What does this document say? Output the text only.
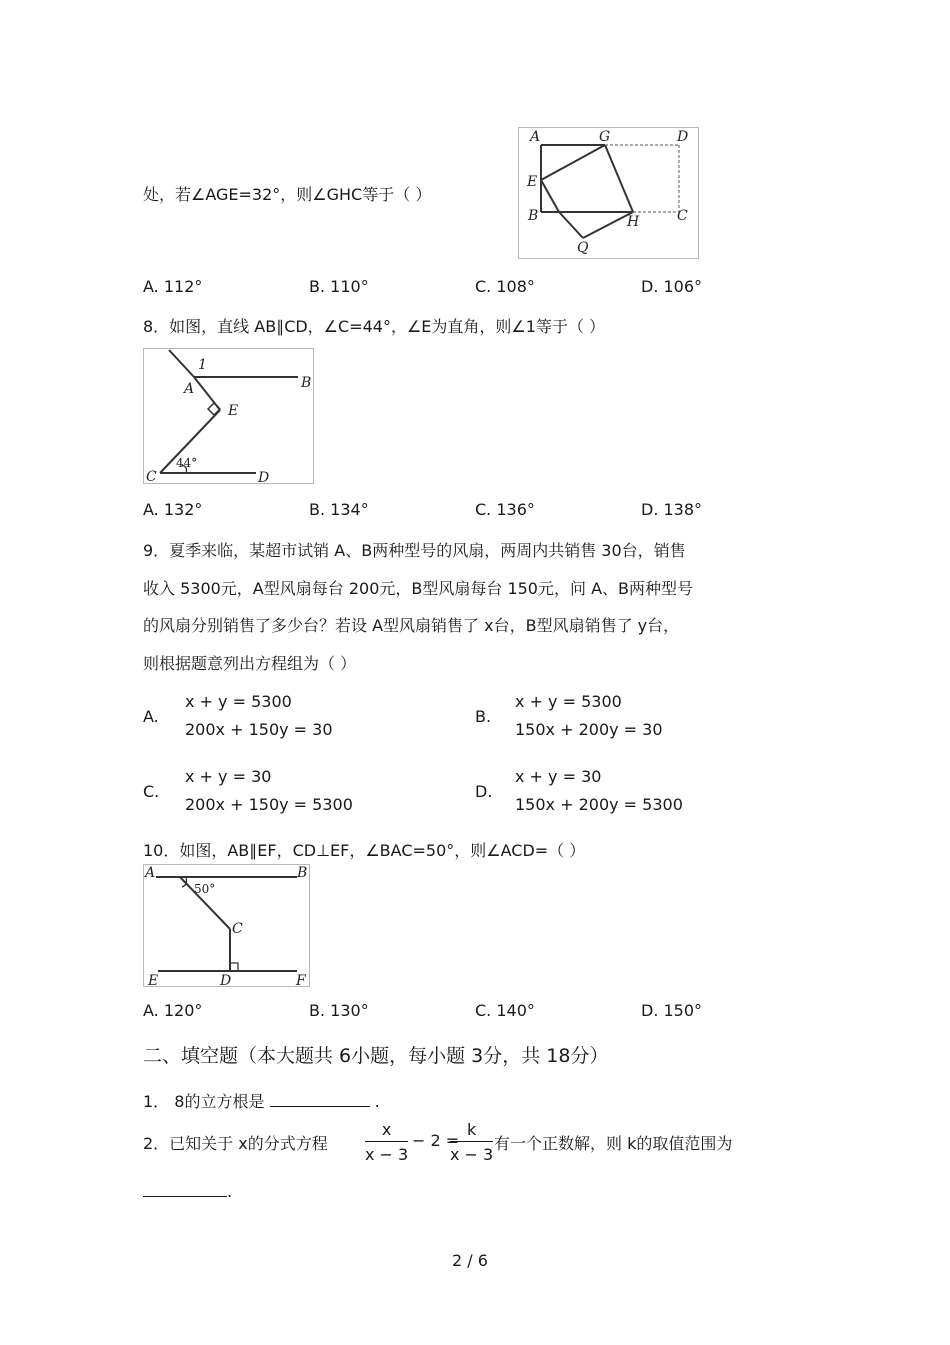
处，若∠AGE=32°，则∠GHC等于（ ）
A	G	D
E
B	H	C
Q
A. 112°	B. 110°	C. 108°	D. 106°
8．如图，直线 AB∥CD，∠C=44°，∠E为直角，则∠1等于（ ）
1
A	B
E
C	D
44°
A. 132°	B. 134°	C. 136°	D. 138°
9．夏季来临，某超市试销 A、B两种型号的风扇，两周内共销售 30台，销售
收入 5300元，A型风扇每台 200元，B型风扇每台 150元，问 A、B两种型号
的风扇分别销售了多少台？若设 A型风扇销售了 x台，B型风扇销售了 y台，
则根据题意列出方程组为（ ）
A.
x + y = 5300
200x + 150y = 30
B.
x + y = 5300
150x + 200y = 30
C.
x + y = 30
200x + 150y = 5300
D.
x + y = 30
150x + 200y = 5300
10．如图，AB∥EF，CD⊥EF，∠BAC=50°，则∠ACD=（ ）
A	B
C
E	D	F
50°
A. 120°	B. 130°	C. 140°	D. 150°
二、填空题（本大题共 6小题，每小题 3分，共 18分）
1． 8的立方根是	.
2．已知关于 x的分式方程 $\frac{x}{x - 3} - 2$ =
$\frac{k}{x - 3}$ 有一个正数解，则 k的取值范围为
.
2 / 6
